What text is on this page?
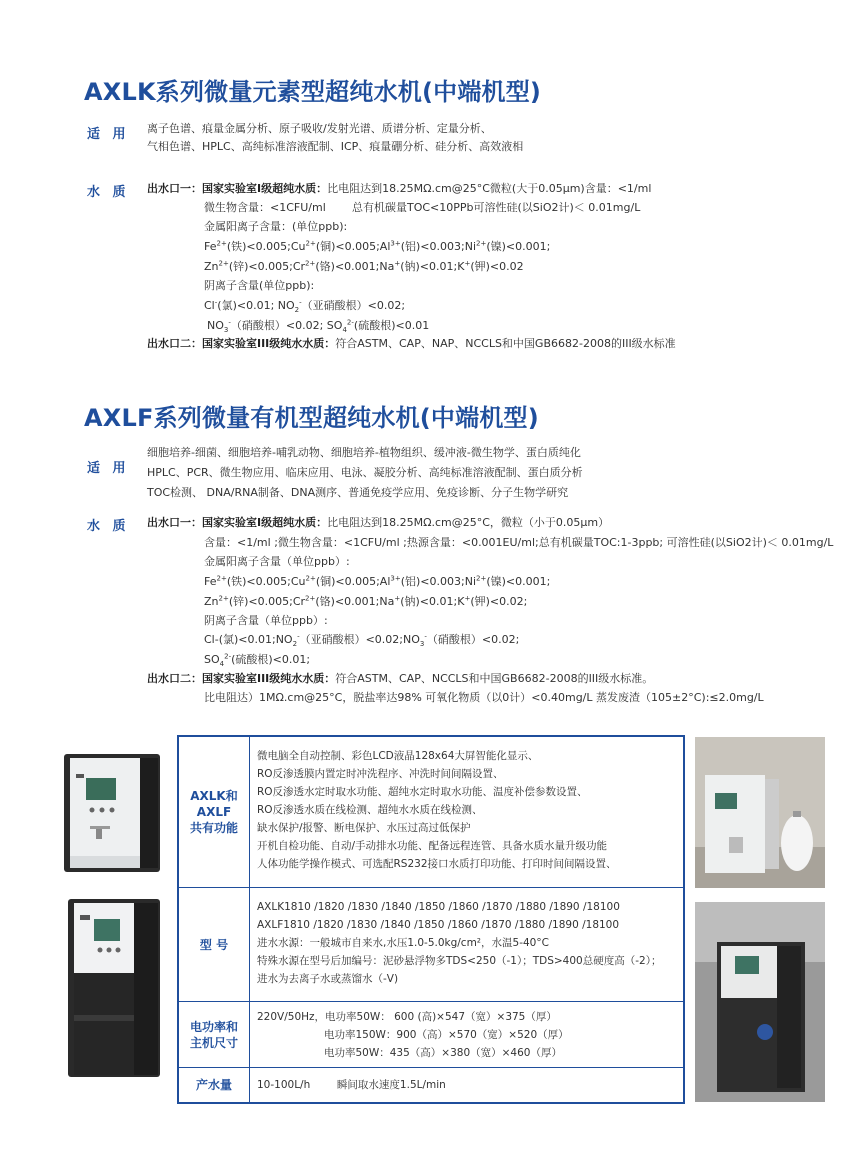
AXLK系列微量元素型超纯水机(中端机型)
适 用 离子色谱、痕量金属分析、原子吸收/发射光谱、质谱分析、定量分析、
气相色谱、HPLC、高纯标准溶液配制、ICP、痕量硼分析、硅分析、高效液相
水 质 出水口一：国家实验室Ⅰ级超纯水质：比电阻达到18.25MΩ.cm@25°C微粒(大于0.05μm)含量：<1/ml
微生物含量：<1CFU/ml 总有机碳量TOC<10PPb可溶性硅(以SiO2计)＜ 0.01mg/L
金属阳离子含量：(单位ppb):
$Fe^{2+}$(铁)$<0.005;Cu^{2+}$(铜)$<0.005;Al^{3+}$(铝)$<0.003;Ni^{2+}$(镍)<0.001;
$Zn^{2+}$(锌)$<0.005;Cr^{2+}$(铬)<0.001;Na+(钠)<0.01;K+(钾)<0.02
阴离子含量(单位ppb):
Cl-(氯)<0.01; $NO_2^-$（亚硝酸根）<0.02;
$NO_3^-$（硝酸根）<0.02; $SO_4^{2-}$(硫酸根)<0.01
出水口二：国家实验室III级纯水水质：符合ASTM、CAP、NAP、NCCLS和中国GB6682-2008的III级水标准
AXLF系列微量有机型超纯水机(中端机型)
细胞培养-细菌、细胞培养-哺乳动物、细胞培养-植物组织、缓冲液-微生物学、蛋白质纯化
适 用 HPLC、PCR、微生物应用、临床应用、电泳、凝胶分析、高纯标准溶液配制、蛋白质分析
TOC检测、 DNA/RNA制备、DNA测序、普通免疫学应用、免疫诊断、分子生物学研究
水 质 出水口一：国家实验室Ⅰ级超纯水质：比电阻达到18.25MΩ.cm@25°C，微粒（小于0.05μm）
含量：<1/ml ;微生物含量：<1CFU/ml ;热源含量：<0.001EU/ml;总有机碳量TOC:1-3ppb; 可溶性硅(以SiO2计)＜ 0.01mg/L
金属阳离子含量（单位ppb）:
$Fe^{2+}$(铁)$<0.005;Cu^{2+}$(铜)$<0.005;Al^{3+}$(铝)$<0.003;Ni^{2+}$(镍)<0.001;
$Zn^{2+}$(锌)$<0.005;Cr^{2+}$(铬)<0.001;Na+(钠)<0.01;K+(钾)<0.02;
阴离子含量（单位ppb）:
Cl-(氯)$<0.01;NO_2^-$（亚硝酸根）$<0.02;NO_3^-$（硝酸根）<0.02;
$SO_4^{2-}$(硫酸根)<0.01;
出水口二：国家实验室III级纯水水质：符合ASTM、CAP、NCCLS和中国GB6682-2008的III级水标准。
比电阻达）1MΩ.cm@25°C，脱盐率达98% 可氧化物质（以0计）<0.40mg/L 蒸发废渣（105±2°C):≤2.0mg/L
AXLK和
AXLF
共有功能
微电脑全自动控制、彩色LCD液晶128x64大屏智能化显示、
RO反渗透膜内置定时冲洗程序、冲洗时间间隔设置、
RO反渗透水定时取水功能、超纯水定时取水功能、温度补偿参数设置、
RO反渗透水质在线检测、超纯水水质在线检测、
缺水保护/报警、断电保护、水压过高过低保护
开机自检功能、自动/手动排水功能、配备远程连管、具备水质水量升级功能
人体功能学操作模式、可选配RS232接口水质打印功能、打印时间间隔设置、
型 号
AXLK1810 /1820 /1830 /1840 /1850 /1860 /1870 /1880 /1890 /18100
AXLF1810 /1820 /1830 /1840 /1850 /1860 /1870 /1880 /1890 /18100
进水水源：一般城市自来水,水压1.0-5.0kg/cm²，水温5-40°C
特殊水源在型号后加编号：泥砂悬浮物多TDS<250（-1）；TDS>400总硬度高（-2）；
进水为去离子水或蒸馏水（-V)
电功率和
主机尺寸
220V/50Hz，电功率50W： 600 (高)×547（宽）×375（厚）
电功率150W：900（高）×570（宽）×520（厚）
电功率50W：435（高）×380（宽）×460（厚）
产水量 10-100L/h        瞬间取水速度1.5L/min
